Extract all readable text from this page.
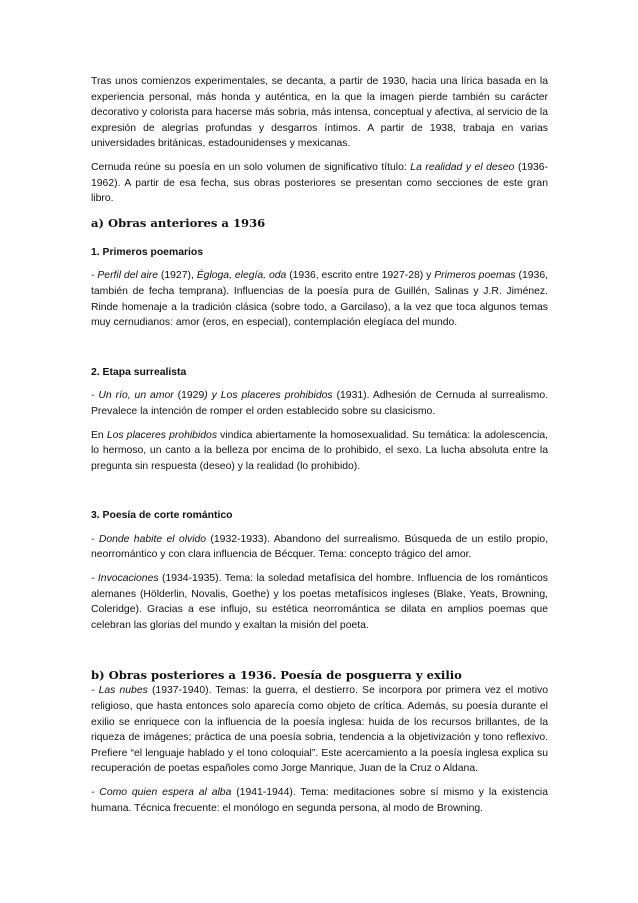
Tras unos comienzos experimentales, se decanta, a partir de 1930, hacia una lírica basada en la experiencia personal, más honda y auténtica, en la que la imagen pierde también su carácter decorativo y colorista para hacerse más sobria, más intensa, conceptual y afectiva, al servicio de la expresión de alegrías profundas y desgarros íntimos. A partir de 1938, trabaja en varias universidades británicas, estadounidenses y mexicanas.

Cernuda reúne su poesía en un solo volumen de significativo título: La realidad y el deseo (1936-1962). A partir de esa fecha, sus obras posteriores se presentan como secciones de este gran libro.

a) Obras anteriores a 1936
1. Primeros poemarios

- Perfil del aire (1927), Égloga, elegía, oda (1936, escrito entre 1927-28) y Primeros poemas (1936, también de fecha temprana). Influencias de la poesía pura de Guillén, Salinas y J.R. Jiménez. Rinde homenaje a la tradición clásica (sobre todo, a Garcilaso), a la vez que toca algunos temas muy cernudianos: amor (eros, en especial), contemplación elegíaca del mundo.

2. Etapa surrealista

- Un río, un amor (1929) y Los placeres prohibidos (1931). Adhesión de Cernuda al surrealismo. Prevalece la intención de romper el orden establecido sobre su clasicismo.

En Los placeres prohibidos vindica abiertamente la homosexualidad. Su temática: la adolescencia, lo hermoso, un canto a la belleza por encima de lo prohibido, el sexo. La lucha absoluta entre la pregunta sin respuesta (deseo) y la realidad (lo prohibido).

3. Poesía de corte romántico

- Donde habite el olvido (1932-1933). Abandono del surrealismo. Búsqueda de un estilo propio, neorromántico y con clara influencia de Bécquer. Tema: concepto trágico del amor.

- Invocaciones (1934-1935). Tema: la soledad metafísica del hombre. Influencia de los románticos alemanes (Hölderlin, Novalis, Goethe) y los poetas metafísicos ingleses (Blake, Yeats, Browning, Coleridge). Gracias a ese influjo, su estética neorromántica se dilata en amplios poemas que celebran las glorias del mundo y exaltan la misión del poeta.

b) Obras posteriores a 1936. Poesía de posguerra y exilio

- Las nubes (1937-1940). Temas: la guerra, el destierro. Se incorpora por primera vez el motivo religioso, que hasta entonces solo aparecía como objeto de crítica. Además, su poesía durante el exilio se enriquece con la influencia de la poesía inglesa: huida de los recursos brillantes, de la riqueza de imágenes; práctica de una poesía sobria, tendencia a la objetivización y tono reflexivo. Prefiere “el lenguaje hablado y el tono coloquial”. Este acercamiento a la poesía inglesa explica su recuperación de poetas españoles como Jorge Manrique, Juan de la Cruz o Aldana.

- Como quien espera al alba (1941-1944). Tema: meditaciones sobre sí mismo y la existencia humana. Técnica frecuente: el monólogo en segunda persona, al modo de Browning.
